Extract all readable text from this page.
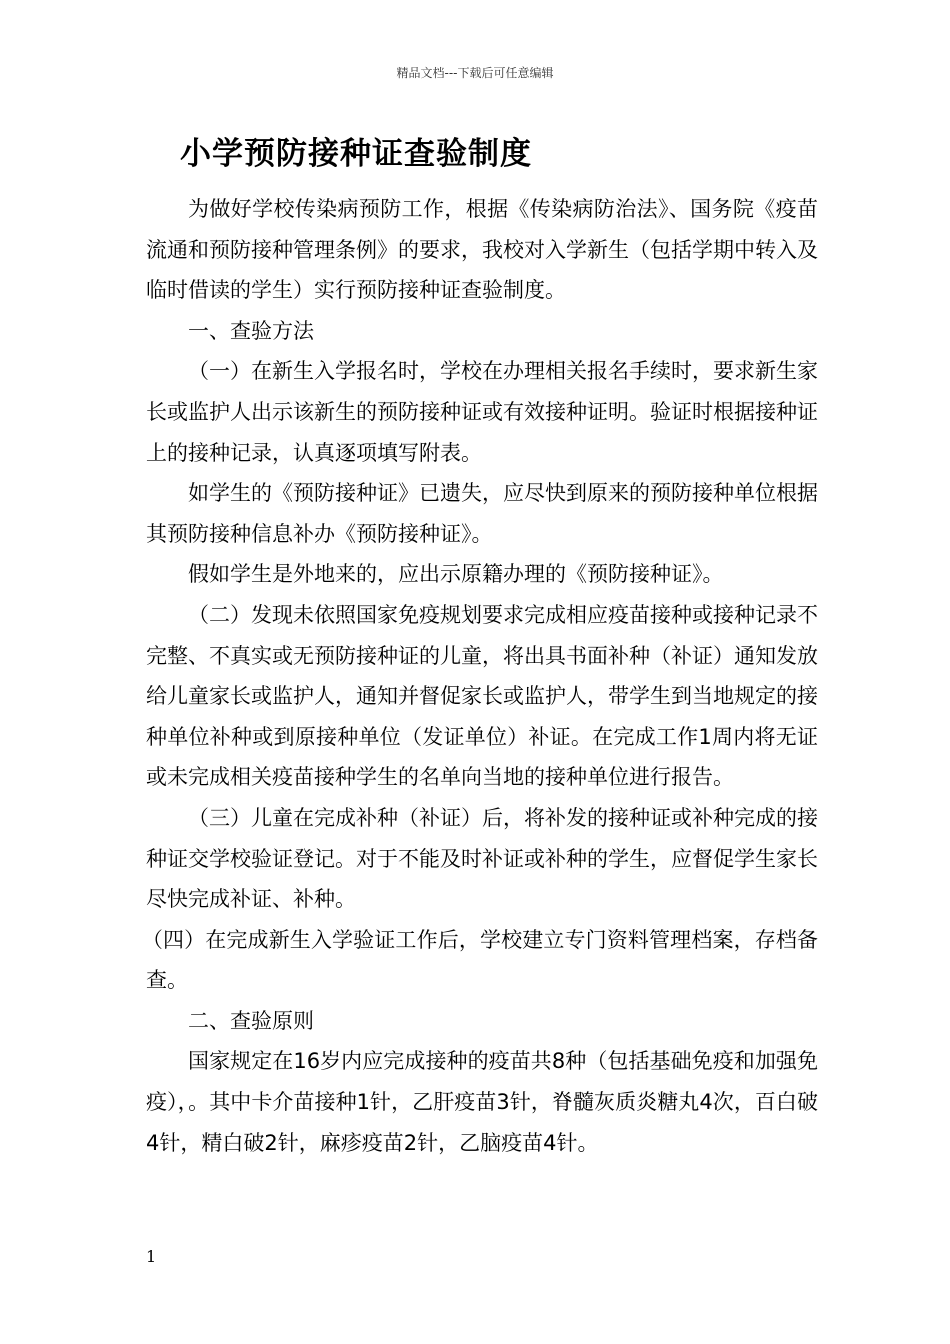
精品文档---下载后可任意编辑
小学预防接种证查验制度

为做好学校传染病预防工作，根据《传染病防治法》、国务院《疫苗流通和预防接种管理条例》的要求，我校对入学新生（包括学期中转入及临时借读的学生）实行预防接种证查验制度。

一、查验方法

（一）在新生入学报名时，学校在办理相关报名手续时，要求新生家长或监护人出示该新生的预防接种证或有效接种证明。验证时根据接种证上的接种记录，认真逐项填写附表。

如学生的《预防接种证》已遗失，应尽快到原来的预防接种单位根据其预防接种信息补办《预防接种证》。

假如学生是外地来的，应出示原籍办理的《预防接种证》。

（二）发现未依照国家免疫规划要求完成相应疫苗接种或接种记录不完整、不真实或无预防接种证的儿童，将出具书面补种（补证）通知发放给儿童家长或监护人，通知并督促家长或监护人，带学生到当地规定的接种单位补种或到原接种单位（发证单位）补证。在完成工作1周内将无证或未完成相关疫苗接种学生的名单向当地的接种单位进行报告。

（三）儿童在完成补种（补证）后，将补发的接种证或补种完成的接种证交学校验证登记。对于不能及时补证或补种的学生，应督促学生家长尽快完成补证、补种。

（四）在完成新生入学验证工作后，学校建立专门资料管理档案，存档备查。

二、查验原则

国家规定在16岁内应完成接种的疫苗共8种（包括基础免疫和加强免疫），。其中卡介苗接种1针，乙肝疫苗3针，脊髓灰质炎糖丸4次，百白破4针，精白破2针，麻疹疫苗2针，乙脑疫苗4针。

1
